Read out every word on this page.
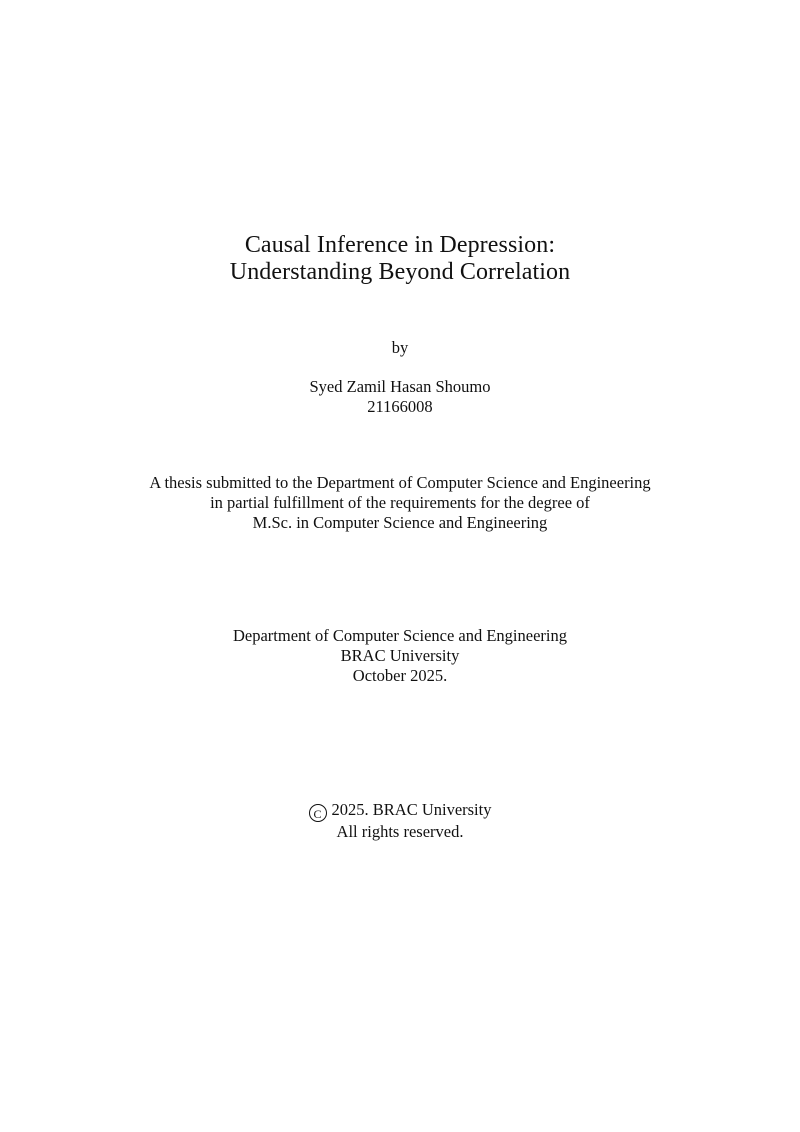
Causal Inference in Depression:
Understanding Beyond Correlation
by
Syed Zamil Hasan Shoumo
21166008
A thesis submitted to the Department of Computer Science and Engineering
in partial fulfillment of the requirements for the degree of
M.Sc. in Computer Science and Engineering
Department of Computer Science and Engineering
BRAC University
October 2025.
C 2025. BRAC University
All rights reserved.
